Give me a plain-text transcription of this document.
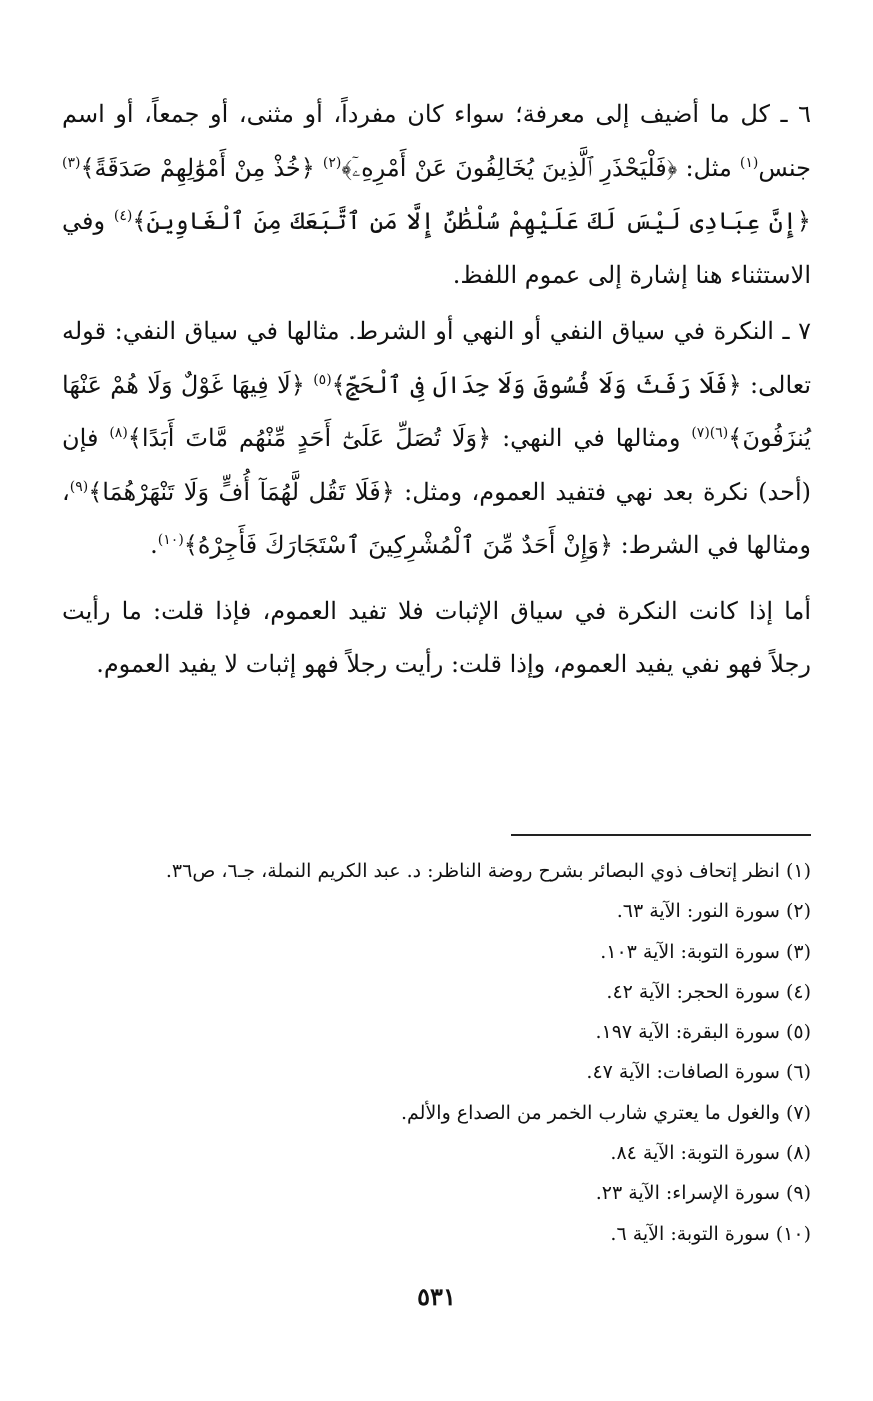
٦ ـ كل ما أضيف إلى معرفة؛ سواء كان مفرداً، أو مثنى، أو جمعاً، أو اسم جنس$^{(١)}$ مثل: ﴿فَلْيَحْذَرِ ٱلَّذِينَ يُخَالِفُونَ عَنْ أَمْرِهِۦٓ﴾$^{(٢)}$ ﴿خُذْ مِنْ أَمْوَٰلِهِمْ صَدَقَةً﴾$^{(٣)}$ ﴿إِنَّ عِبَادِى لَيْسَ لَكَ عَلَيْهِمْ سُلْطَٰنٌ إِلَّا مَنِ ٱتَّبَعَكَ مِنَ ٱلْغَاوِينَ﴾$^{(٤)}$ وفي الاستثناء هنا إشارة إلى عموم اللفظ.

٧ ـ النكرة في سياق النفي أو النهي أو الشرط. مثالها في سياق النفي: قوله تعالى: ﴿فَلَا رَفَثَ وَلَا فُسُوقَ وَلَا جِدَالَ فِى ٱلْحَجِّ﴾$^{(٥)}$ ﴿لَا فِيهَا غَوْلٌ وَلَا هُمْ عَنْهَا يُنزَفُونَ﴾$^{(٦)(٧)}$ ومثالها في النهي: ﴿وَلَا تُصَلِّ عَلَىٰٓ أَحَدٍ مِّنْهُم مَّاتَ أَبَدًا﴾$^{(٨)}$ فإن (أحد) نكرة بعد نهي فتفيد العموم، ومثل: ﴿فَلَا تَقُل لَّهُمَآ أُفٍّ وَلَا تَنْهَرْهُمَا﴾$^{(٩)}$، ومثالها في الشرط: ﴿وَإِنْ أَحَدٌ مِّنَ ٱلْمُشْرِكِينَ ٱسْتَجَارَكَ فَأَجِرْهُ﴾$^{(١٠)}$.

أما إذا كانت النكرة في سياق الإثبات فلا تفيد العموم، فإذا قلت: ما رأيت رجلاً فهو نفي يفيد العموم، وإذا قلت: رأيت رجلاً فهو إثبات لا يفيد العموم.

(١)انظر إتحاف ذوي البصائر بشرح روضة الناظر: د. عبد الكريم النملة، جـ٦، ص٣٦.
(٢)سورة النور: الآية ٦٣.
(٣)سورة التوبة: الآية ١٠٣.
(٤)سورة الحجر: الآية ٤٢.
(٥)سورة البقرة: الآية ١٩٧.
(٦)سورة الصافات: الآية ٤٧.
(٧)والغول ما يعتري شارب الخمر من الصداع والألم.
(٨)سورة التوبة: الآية ٨٤.
(٩)سورة الإسراء: الآية ٢٣.
(١٠)سورة التوبة: الآية ٦.
٥٣١
